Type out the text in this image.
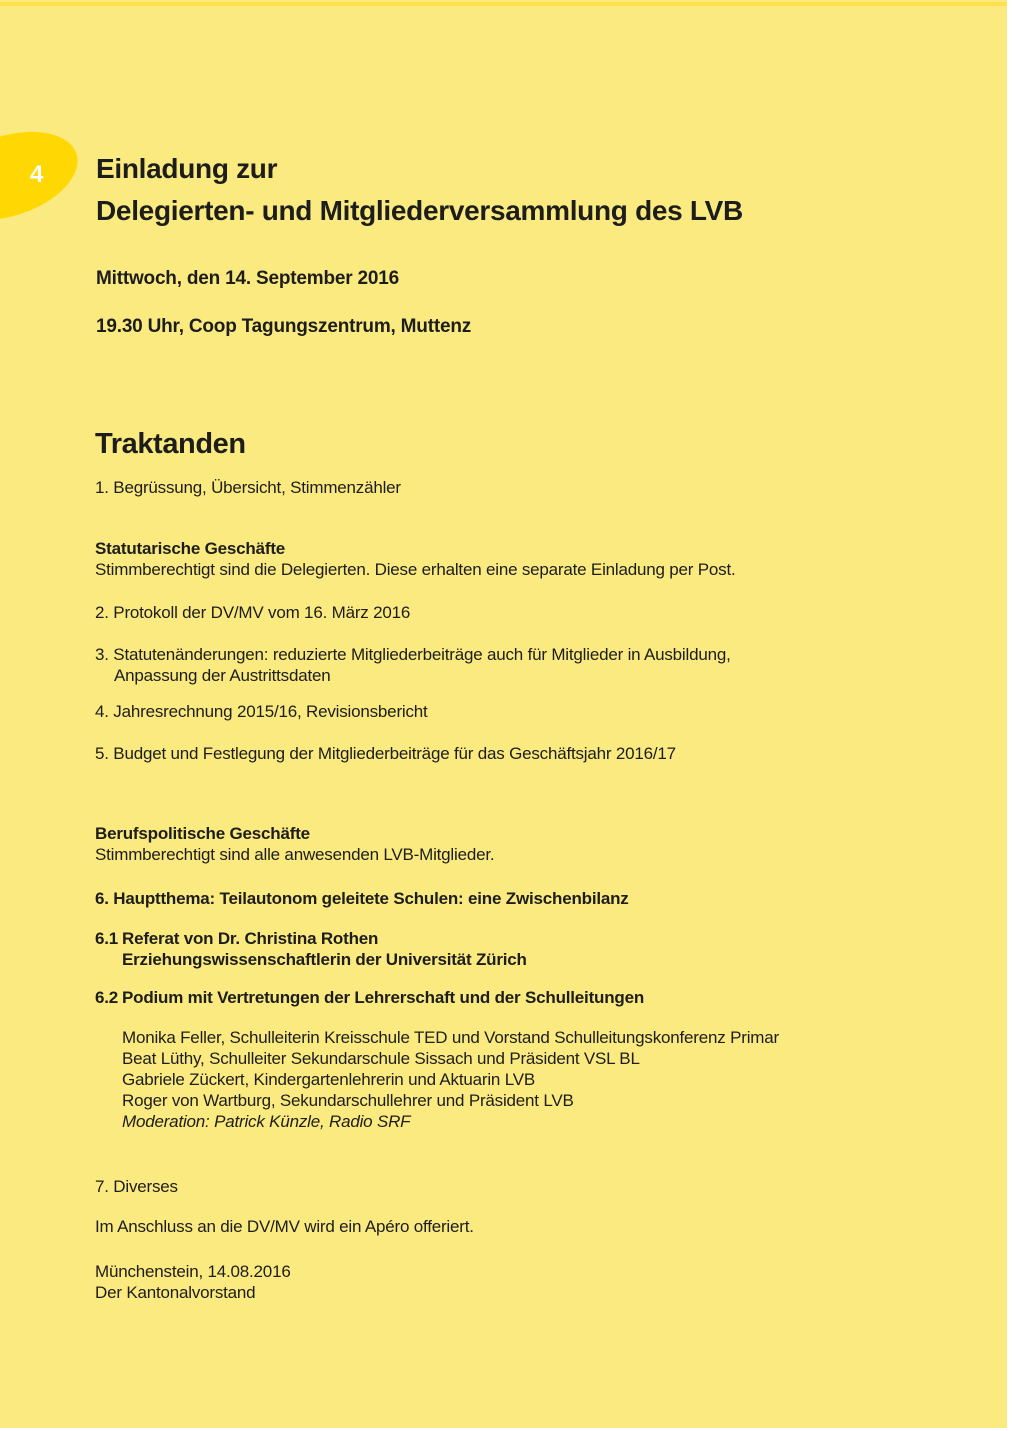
4 Einladung zur
Delegierten- und Mitgliederversammlung des LVB
Mittwoch, den 14. September 2016
19.30 Uhr, Coop Tagungszentrum, Muttenz
Traktanden
1. Begrüssung, Übersicht, Stimmenzähler
Statutarische Geschäfte
Stimmberechtigt sind die Delegierten. Diese erhalten eine separate Einladung per Post.
2. Protokoll der DV/MV vom 16. März 2016
3. Statutenänderungen: reduzierte Mitgliederbeiträge auch für Mitglieder in Ausbildung,
Anpassung der Austrittsdaten
4. Jahresrechnung 2015/16, Revisionsbericht
5. Budget und Festlegung der Mitgliederbeiträge für das Geschäftsjahr 2016/17
Berufspolitische Geschäfte
Stimmberechtigt sind alle anwesenden LVB-Mitglieder.
6. Hauptthema: Teilautonom geleitete Schulen: eine Zwischenbilanz
6.1 Referat von Dr. Christina Rothen
Erziehungswissenschaftlerin der Universität Zürich
6.2 Podium mit Vertretungen der Lehrerschaft und der Schulleitungen
Monika Feller, Schulleiterin Kreisschule TED und Vorstand Schulleitungskonferenz Primar
Beat Lüthy, Schulleiter Sekundarschule Sissach und Präsident VSL BL
Gabriele Zückert, Kindergartenlehrerin und Aktuarin LVB
Roger von Wartburg, Sekundarschullehrer und Präsident LVB
Moderation: Patrick Künzle, Radio SRF
7. Diverses
Im Anschluss an die DV/MV wird ein Apéro offeriert.
Münchenstein, 14.08.2016
Der Kantonalvorstand
